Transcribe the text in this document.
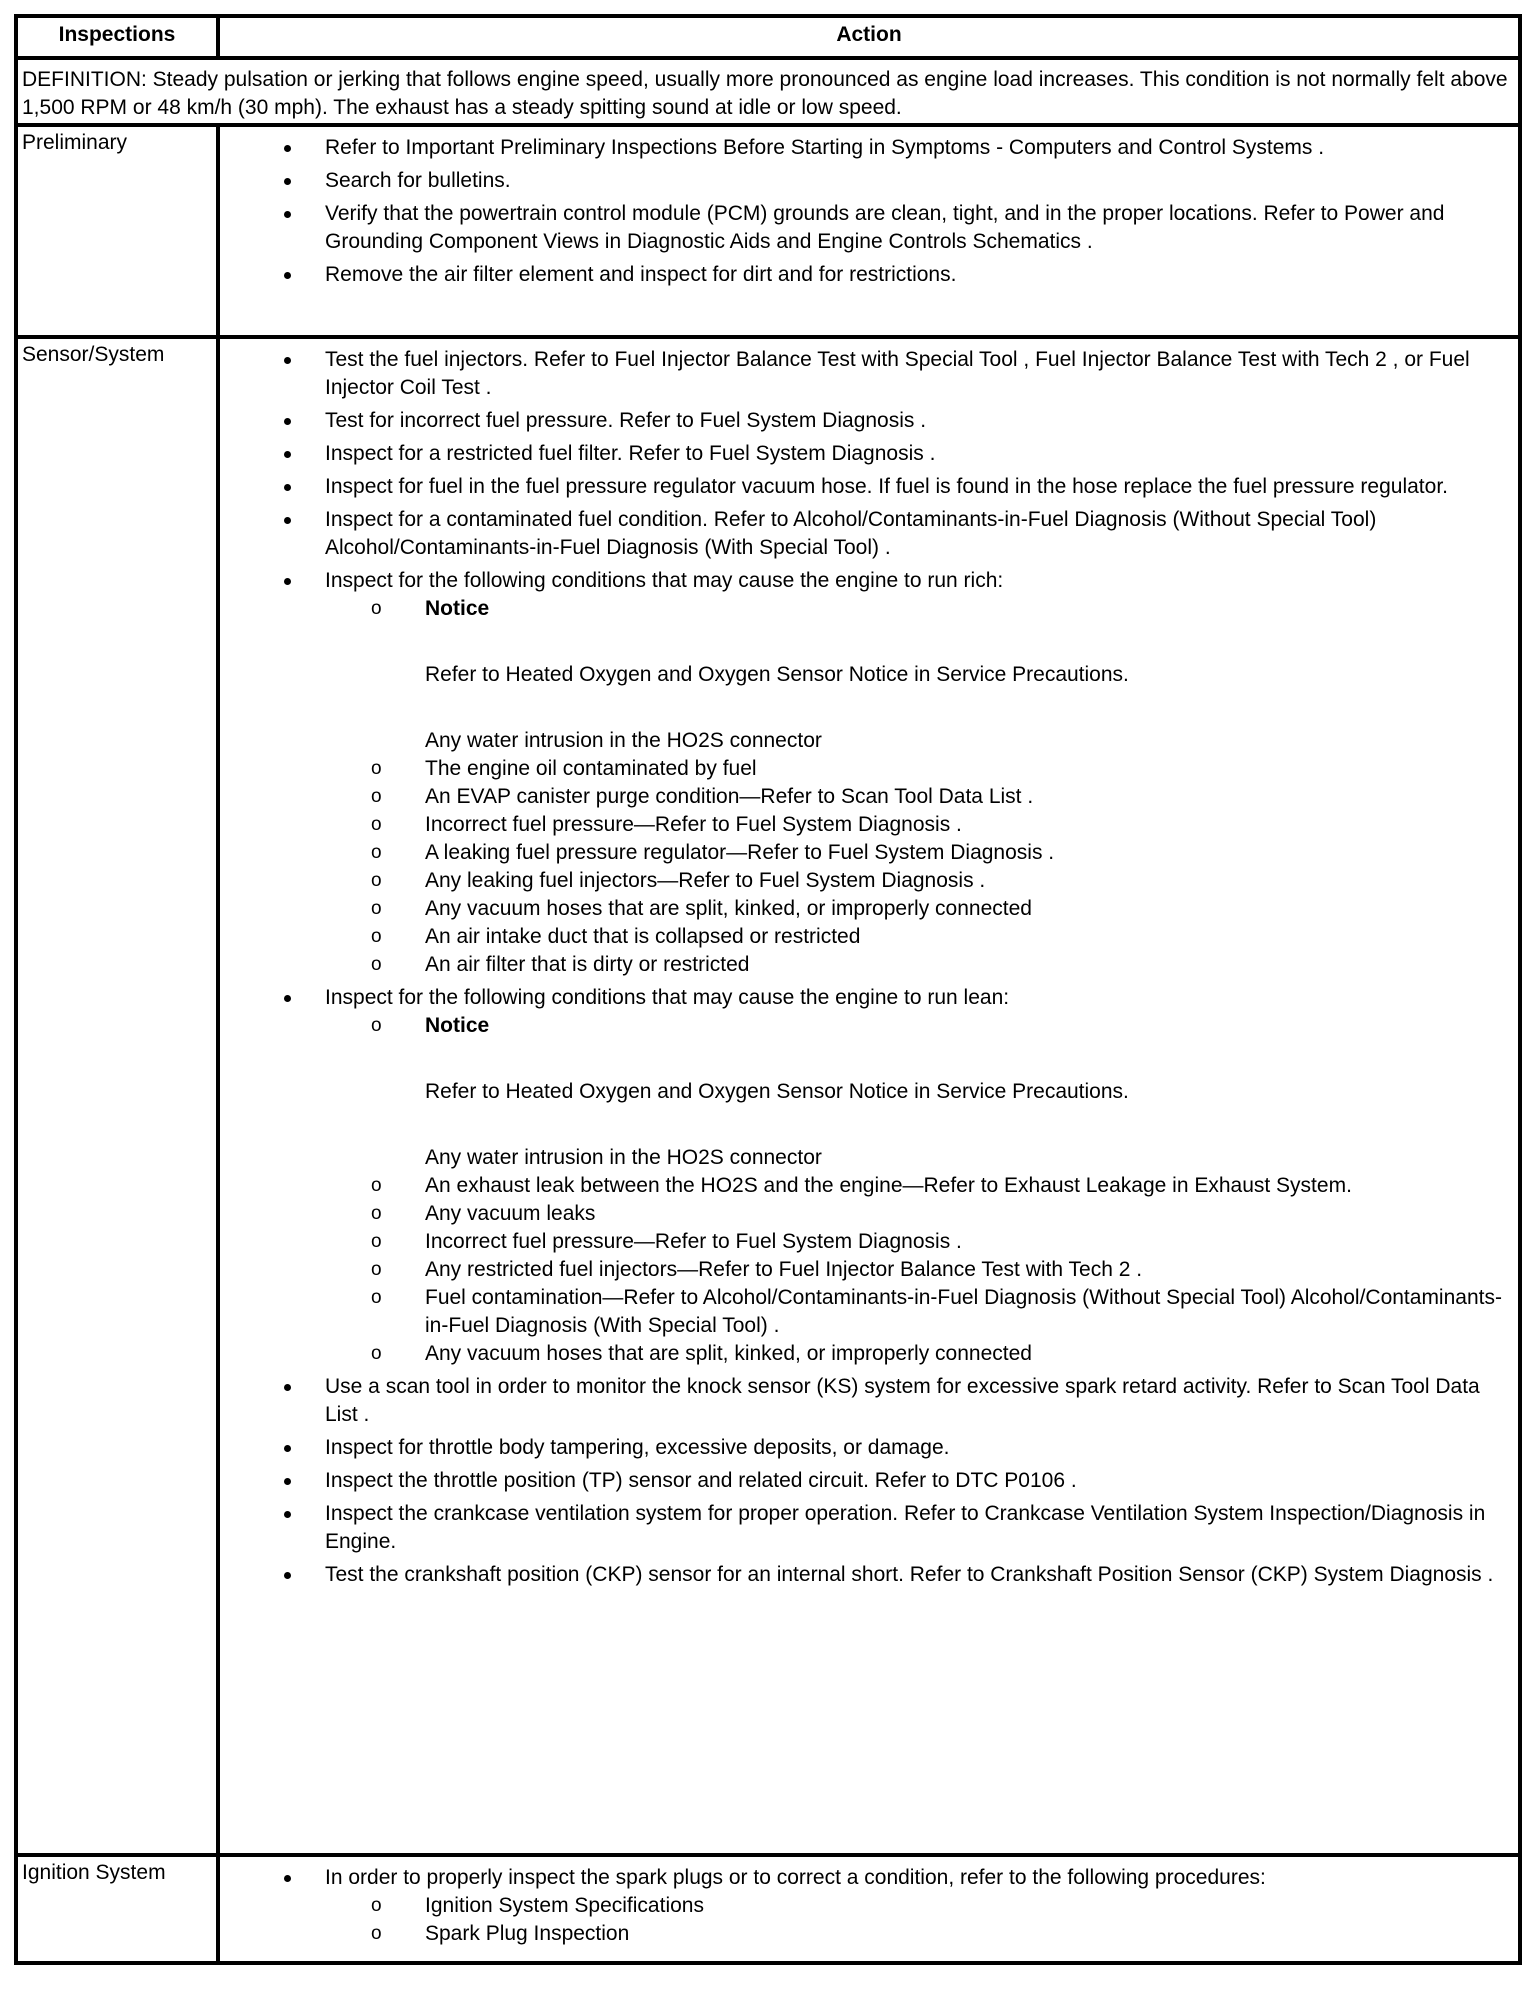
Inspections	Action
DEFINITION: Steady pulsation or jerking that follows engine speed, usually more pronounced as engine load increases. This condition is not normally felt above 1,500 RPM or 48 km/h (30 mph). The exhaust has a steady spitting sound at idle or low speed.
Preliminary	Refer to Important Preliminary Inspections Before Starting in Symptoms - Computers and Control Systems .
Search for bulletins.
Verify that the powertrain control module (PCM) grounds are clean, tight, and in the proper locations. Refer to Power and Grounding Component Views in Diagnostic Aids and Engine Controls Schematics .
Remove the air filter element and inspect for dirt and for restrictions.
Sensor/System	Test the fuel injectors. Refer to Fuel Injector Balance Test with Special Tool , Fuel Injector Balance Test with Tech 2 , or Fuel Injector Coil Test .
Test for incorrect fuel pressure. Refer to Fuel System Diagnosis .
Inspect for a restricted fuel filter. Refer to Fuel System Diagnosis .
Inspect for fuel in the fuel pressure regulator vacuum hose. If fuel is found in the hose replace the fuel pressure regulator.
Inspect for a contaminated fuel condition. Refer to Alcohol/Contaminants-in-Fuel Diagnosis (Without Special Tool) Alcohol/Contaminants-in-Fuel Diagnosis (With Special Tool) .
Inspect for the following conditions that may cause the engine to run rich:
o Notice
Refer to Heated Oxygen and Oxygen Sensor Notice in Service Precautions.
Any water intrusion in the HO2S connector
o The engine oil contaminated by fuel
o An EVAP canister purge condition—Refer to Scan Tool Data List .
o Incorrect fuel pressure—Refer to Fuel System Diagnosis .
o A leaking fuel pressure regulator—Refer to Fuel System Diagnosis .
o Any leaking fuel injectors—Refer to Fuel System Diagnosis .
o Any vacuum hoses that are split, kinked, or improperly connected
o An air intake duct that is collapsed or restricted
o An air filter that is dirty or restricted
Inspect for the following conditions that may cause the engine to run lean:
o Notice
Refer to Heated Oxygen and Oxygen Sensor Notice in Service Precautions.
Any water intrusion in the HO2S connector
o An exhaust leak between the HO2S and the engine—Refer to Exhaust Leakage in Exhaust System.
o Any vacuum leaks
o Incorrect fuel pressure—Refer to Fuel System Diagnosis .
o Any restricted fuel injectors—Refer to Fuel Injector Balance Test with Tech 2 .
o Fuel contamination—Refer to Alcohol/Contaminants-in-Fuel Diagnosis (Without Special Tool) Alcohol/Contaminants-in-Fuel Diagnosis (With Special Tool) .
o Any vacuum hoses that are split, kinked, or improperly connected
Use a scan tool in order to monitor the knock sensor (KS) system for excessive spark retard activity. Refer to Scan Tool Data List .
Inspect for throttle body tampering, excessive deposits, or damage.
Inspect the throttle position (TP) sensor and related circuit. Refer to DTC P0106 .
Inspect the crankcase ventilation system for proper operation. Refer to Crankcase Ventilation System Inspection/Diagnosis in Engine.
Test the crankshaft position (CKP) sensor for an internal short. Refer to Crankshaft Position Sensor (CKP) System Diagnosis .
Ignition System	In order to properly inspect the spark plugs or to correct a condition, refer to the following procedures:
o Ignition System Specifications
o Spark Plug Inspection
